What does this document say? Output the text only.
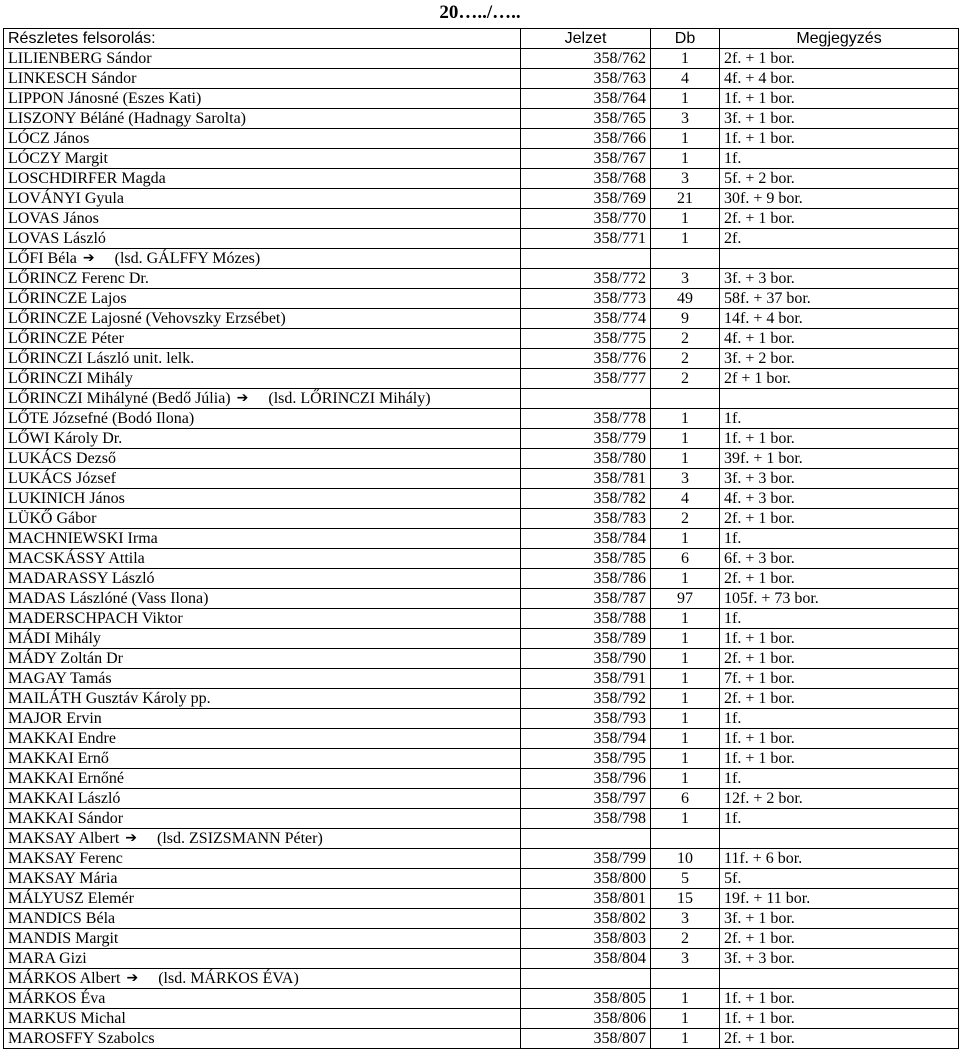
20…../…..
Részletes felsorolás:	Jelzet	Db	Megjegyzés

LILIENBERG Sándor	358/762	1	2f. + 1 bor.

LINKESCH Sándor	358/763	4	4f. + 4 bor.

LIPPON Jánosné (Eszes Kati)	358/764	1	1f. + 1 bor.

LISZONY Béláné (Hadnagy Sarolta)	358/765	3	3f. + 1 bor.

LÓCZ János	358/766	1	1f. + 1 bor.

LÓCZY Margit	358/767	1	1f.

LOSCHDIRFER Magda	358/768	3	5f. + 2 bor.

LOVÁNYI Gyula	358/769	21	30f. + 9 bor.

LOVAS János	358/770	1	2f. + 1 bor.

LOVAS László	358/771	1	2f.

LŐFI Béla ➔ (lsd. GÁLFFY Mózes)			

LŐRINCZ Ferenc Dr.	358/772	3	3f. + 3 bor.

LŐRINCZE Lajos	358/773	49	58f. + 37 bor.

LŐRINCZE Lajosné (Vehovszky Erzsébet)	358/774	9	14f. + 4 bor.

LŐRINCZE Péter	358/775	2	4f. + 1 bor.

LŐRINCZI László unit. lelk.	358/776	2	3f. + 2 bor.

LŐRINCZI Mihály	358/777	2	2f + 1 bor.

LŐRINCZI Mihályné (Bedő Júlia) ➔ (lsd. LŐRINCZI Mihály)			

LŐTE Józsefné (Bodó Ilona)	358/778	1	1f.

LŐWI Károly Dr.	358/779	1	1f. + 1 bor.

LUKÁCS Dezső	358/780	1	39f. + 1 bor.

LUKÁCS József	358/781	3	3f. + 3 bor.

LUKINICH János	358/782	4	4f. + 3 bor.

LÜKŐ Gábor	358/783	2	2f. + 1 bor.

MACHNIEWSKI Irma	358/784	1	1f.

MACSKÁSSY Attila	358/785	6	6f. + 3 bor.

MADARASSY László	358/786	1	2f. + 1 bor.

MADAS Lászlóné (Vass Ilona)	358/787	97	105f. + 73 bor.

MADERSCHPACH Viktor	358/788	1	1f.

MÁDI Mihály	358/789	1	1f. + 1 bor.

MÁDY Zoltán Dr	358/790	1	2f. + 1 bor.

MAGAY Tamás	358/791	1	7f. + 1 bor.

MAILÁTH Gusztáv Károly pp.	358/792	1	2f. + 1 bor.

MAJOR Ervin	358/793	1	1f.

MAKKAI Endre	358/794	1	1f. + 1 bor.

MAKKAI Ernő	358/795	1	1f. + 1 bor.

MAKKAI Ernőné	358/796	1	1f.

MAKKAI László	358/797	6	12f. + 2 bor.

MAKKAI Sándor	358/798	1	1f.

MAKSAY Albert ➔ (lsd. ZSIZSMANN Péter)			

MAKSAY Ferenc	358/799	10	11f. + 6 bor.

MAKSAY Mária	358/800	5	5f.

MÁLYUSZ Elemér	358/801	15	19f. + 11 bor.

MANDICS Béla	358/802	3	3f. + 1 bor.

MANDIS Margit	358/803	2	2f. + 1 bor.

MARA Gizi	358/804	3	3f. + 3 bor.

MÁRKOS Albert ➔ (lsd. MÁRKOS ÉVA)			

MÁRKOS Éva	358/805	1	1f. + 1 bor.

MARKUS Michal	358/806	1	1f. + 1 bor.

MAROSFFY Szabolcs	358/807	1	2f. + 1 bor.
